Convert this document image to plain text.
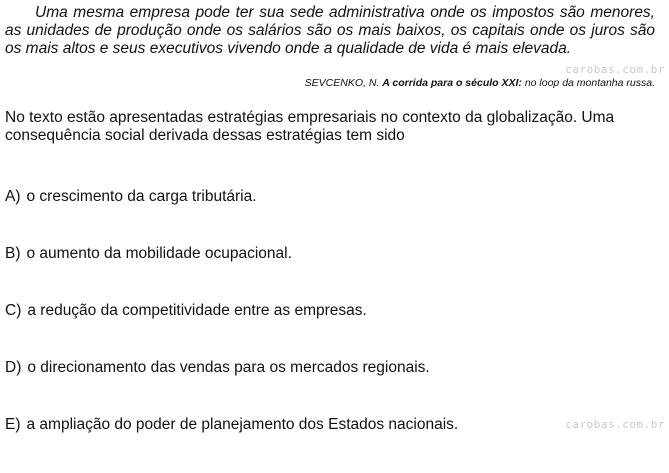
Uma mesma empresa pode ter sua sede administrativa onde os impostos são menores, as unidades de produção onde os salários são os mais baixos, os capitais onde os juros são os mais altos e seus executivos vivendo onde a qualidade de vida é mais elevada.

SEVCENKO, N. A corrida para o século XXI: no loop da montanha russa.

carobas.com.br

No texto estão apresentadas estratégias empresariais no contexto da globalização. Uma consequência social derivada dessas estratégias tem sido

A) o crescimento da carga tributária.
B) o aumento da mobilidade ocupacional.
C) a redução da competitividade entre as empresas.
D) o direcionamento das vendas para os mercados regionais.
E) a ampliação do poder de planejamento dos Estados nacionais.	carobas.com.br
